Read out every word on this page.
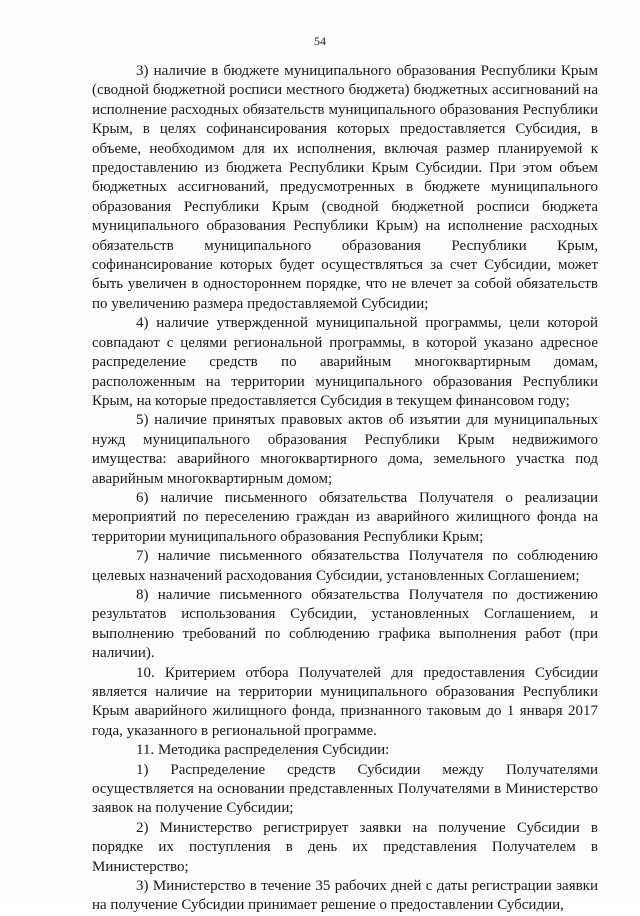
54

3) наличие в бюджете муниципального образования Республики Крым (сводной бюджетной росписи местного бюджета) бюджетных ассигнований на исполнение расходных обязательств муниципального образования Республики Крым, в целях софинансирования которых предоставляется Субсидия, в объеме, необходимом для их исполнения, включая размер планируемой к предоставлению из бюджета Республики Крым Субсидии. При этом объем бюджетных ассигнований, предусмотренных в бюджете муниципального образования Республики Крым (сводной бюджетной росписи бюджета муниципального образования Республики Крым) на исполнение расходных обязательств муниципального образования Республики Крым, софинансирование которых будет осуществляться за счет Субсидии, может быть увеличен в одностороннем порядке, что не влечет за собой обязательств по увеличению размера предоставляемой Субсидии;

4) наличие утвержденной муниципальной программы, цели которой совпадают с целями региональной программы, в которой указано адресное распределение средств по аварийным многоквартирным домам, расположенным на территории муниципального образования Республики Крым, на которые предоставляется Субсидия в текущем финансовом году;

5) наличие принятых правовых актов об изъятии для муниципальных нужд муниципального образования Республики Крым недвижимого имущества: аварийного многоквартирного дома, земельного участка под аварийным многоквартирным домом;

6) наличие письменного обязательства Получателя о реализации мероприятий по переселению граждан из аварийного жилищного фонда на территории муниципального образования Республики Крым;

7) наличие письменного обязательства Получателя по соблюдению целевых назначений расходования Субсидии, установленных Соглашением;

8) наличие письменного обязательства Получателя по достижению результатов использования Субсидии, установленных Соглашением, и выполнению требований по соблюдению графика выполнения работ (при наличии).

10. Критерием отбора Получателей для предоставления Субсидии является наличие на территории муниципального образования Республики Крым аварийного жилищного фонда, признанного таковым до 1 января 2017 года, указанного в региональной программе.

11. Методика распределения Субсидии:

1) Распределение средств Субсидии между Получателями осуществляется на основании представленных Получателями в Министерство заявок на получение Субсидии;

2) Министерство регистрирует заявки на получение Субсидии в порядке их поступления в день их представления Получателем в Министерство;

3) Министерство в течение 35 рабочих дней с даты регистрации заявки на получение Субсидии принимает решение о предоставлении Субсидии,
